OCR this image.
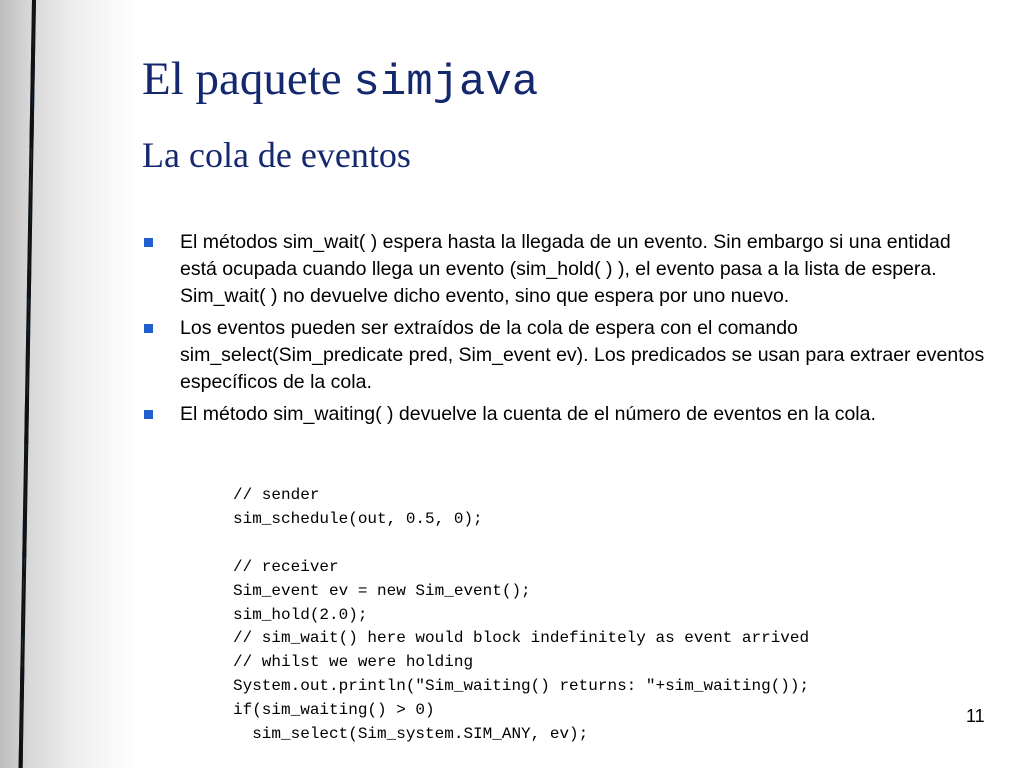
El paquete simjava
La cola de eventos
El métodos sim_wait( ) espera hasta la llegada de un evento. Sin embargo si una entidad está ocupada cuando llega un evento (sim_hold( ) ), el evento pasa a la lista de espera. Sim_wait( ) no devuelve dicho evento, sino que espera por uno nuevo.
Los eventos pueden ser extraídos de la cola de espera con el comando sim_select(Sim_predicate pred, Sim_event ev). Los predicados se usan para extraer eventos específicos de la cola.
El método sim_waiting( ) devuelve la cuenta de el número de eventos en la cola.
// sender
sim_schedule(out, 0.5, 0);

// receiver
Sim_event ev = new Sim_event();
sim_hold(2.0);
// sim_wait() here would block indefinitely as event arrived
// whilst we were holding
System.out.println("Sim_waiting() returns: "+sim_waiting());
if(sim_waiting() > 0)
sim_select(Sim_system.SIM_ANY, ev);
11
